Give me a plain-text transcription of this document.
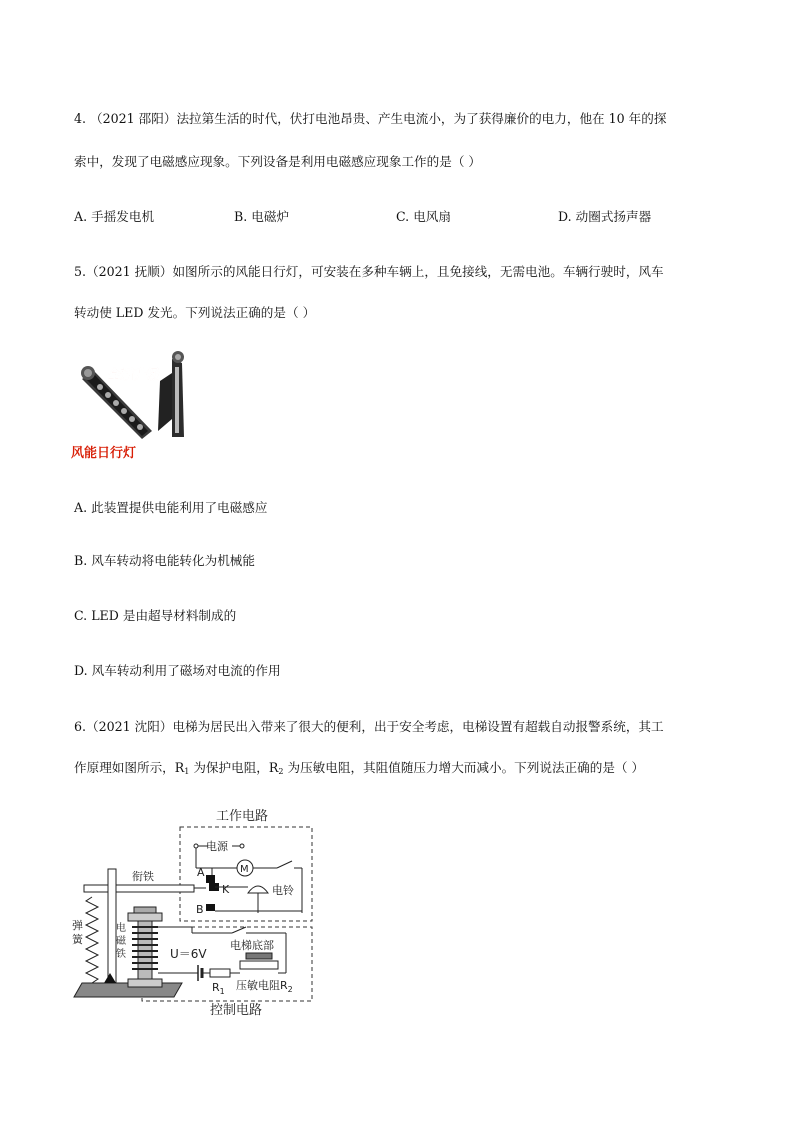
4. （2021 邵阳）法拉第生活的时代，伏打电池昂贵、产生电流小，为了获得廉价的电力，他在 10 年的探
索中，发现了电磁感应现象。下列设备是利用电磁感应现象工作的是（ ）
A. 手摇发电机	B. 电磁炉	C. 电风扇	D. 动圈式扬声器
5.（2021 抚顺）如图所示的风能日行灯，可安装在多种车辆上，且免接线，无需电池。车辆行驶时，风车
转动使 LED 发光。下列说法正确的是（ ）
全新升级
风能日行灯
A. 此装置提供电能利用了电磁感应
B. 风车转动将电能转化为机械能
C. LED 是由超导材料制成的
D. 风车转动利用了磁场对电流的作用
6.（2021 沈阳）电梯为居民出入带来了很大的便利，出于安全考虑，电梯设置有超载自动报警系统，其工
作原理如图所示，$R_1$ 为保护电阻，$R_2$ 为压敏电阻，其阻值随压力增大而减小。下列说法正确的是（ ）
工作电路
控制电路
电源
M
A
K
B
电铃
衔铁
弹簧
电磁铁	U＝6V
电梯底部
$R_1$ 压敏电阻$R_2$
